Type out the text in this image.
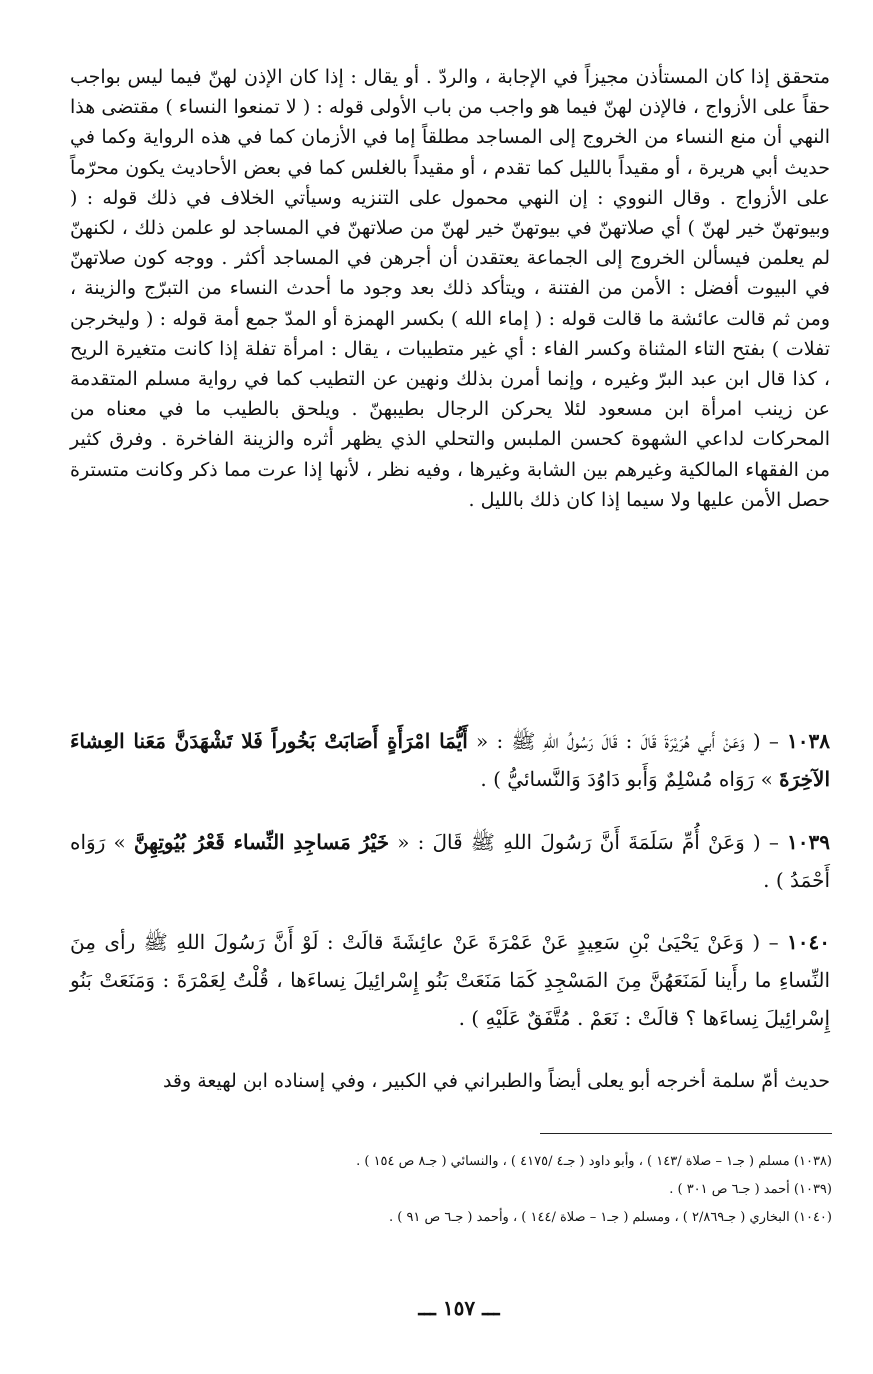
متحقق إذا كان المستأذن مجيزاً في الإجابة ، والردّ . أو يقال : إذا كان الإذن لهنّ فيما ليس بواجب حقاً على الأزواج ، فالإذن لهنّ فيما هو واجب من باب الأولى قوله : ( لا تمنعوا النساء ) مقتضى هذا النهي أن منع النساء من الخروج إلى المساجد مطلقاً إما في الأزمان كما في هذه الرواية وكما في حديث أبي هريرة ، أو مقيداً بالليل كما تقدم ، أو مقيداً بالغلس كما في بعض الأحاديث يكون محرّماً على الأزواج . وقال النووي : إن النهي محمول على التنزيه وسيأتي الخلاف في ذلك قوله : ( وبيوتهنّ خير لهنّ ) أي صلاتهنّ في بيوتهنّ خير لهنّ من صلاتهنّ في المساجد لو علمن ذلك ، لكنهنّ لم يعلمن فيسألن الخروج إلى الجماعة يعتقدن أن أجرهن في المساجد أكثر . ووجه كون صلاتهنّ في البيوت أفضل : الأمن من الفتنة ، ويتأكد ذلك بعد وجود ما أحدث النساء من التبرّج والزينة ، ومن ثم قالت عائشة ما قالت قوله : ( إماء الله ) بكسر الهمزة أو المدّ جمع أمة قوله : ( وليخرجن تفلات ) بفتح التاء المثناة وكسر الفاء : أي غير متطيبات ، يقال : امرأة تفلة إذا كانت متغيرة الريح ، كذا قال ابن عبد البرّ وغيره ، وإنما أمرن بذلك ونهين عن التطيب كما في رواية مسلم المتقدمة عن زينب امرأة ابن مسعود لئلا يحركن الرجال بطيبهنّ . ويلحق بالطيب ما في معناه من المحركات لداعي الشهوة كحسن الملبس والتحلي الذي يظهر أثره والزينة الفاخرة . وفرق كثير من الفقهاء المالكية وغيرهم بين الشابة وغيرها ، وفيه نظر ، لأنها إذا عرت مما ذكر وكانت متسترة حصل الأمن عليها ولا سيما إذا كان ذلك بالليل .

١٠٣٨ – ( وَعَنْ أَبي هُرَيْرَةَ قَالَ : قَالَ رَسُولُ اللهِ ﷺ : « أَيُّمَا امْرَأَةٍ أَصَابَتْ بَخُوراً فَلا تَشْهَدَنَّ مَعَنا العِشاءَ الآخِرَةَ » رَوَاه مُسْلِمٌ وَأَبو دَاوُدَ وَالنَّسائيُّ ) .

١٠٣٩ – ( وَعَنْ أُمِّ سَلَمَةَ أَنَّ رَسُولَ اللهِ ﷺ قَالَ : « خَيْرُ مَساجِدِ النِّساء قَعْرُ بُيُوتِهِنَّ » رَوَاه أَحْمَدُ ) .

١٠٤٠ – ( وَعَنْ يَحْيَىٰ بْنِ سَعِيدٍ عَنْ عَمْرَةَ عَنْ عائِشَةَ قالَتْ : لَوْ أَنَّ رَسُولَ اللهِ ﷺ رأى مِنَ النِّساءِ ما رأَينا لَمَنَعَهُنَّ مِنَ المَسْجِدِ كَمَا مَنَعَتْ بَنُو إِسْرائِيلَ نِساءَها ، قُلْتُ لِعَمْرَةَ : وَمَنَعَتْ بَنُو إِسْرائِيلَ نِساءَها ؟ قالَتْ : نَعَمْ . مُتَّفَقٌ عَلَيْهِ ) .

حديث أمّ سلمة أخرجه أبو يعلى أيضاً والطبراني في الكبير ، وفي إسناده ابن لهيعة وقد

(١٠٣٨) مسلم ( جـ١ – صلاة /١٤٣ ) ، وأبو داود ( جـ٤ /٤١٧٥ ) ، والنسائي ( جـ٨ ص ١٥٤ ) .
(١٠٣٩) أحمد ( جـ٦ ص ٣٠١ ) .
(١٠٤٠) البخاري ( جـ٢/٨٦٩ ) ، ومسلم ( جـ١ – صلاة /١٤٤ ) ، وأحمد ( جـ٦ ص ٩١ ) .
ـــ ١٥٧ ـــ
